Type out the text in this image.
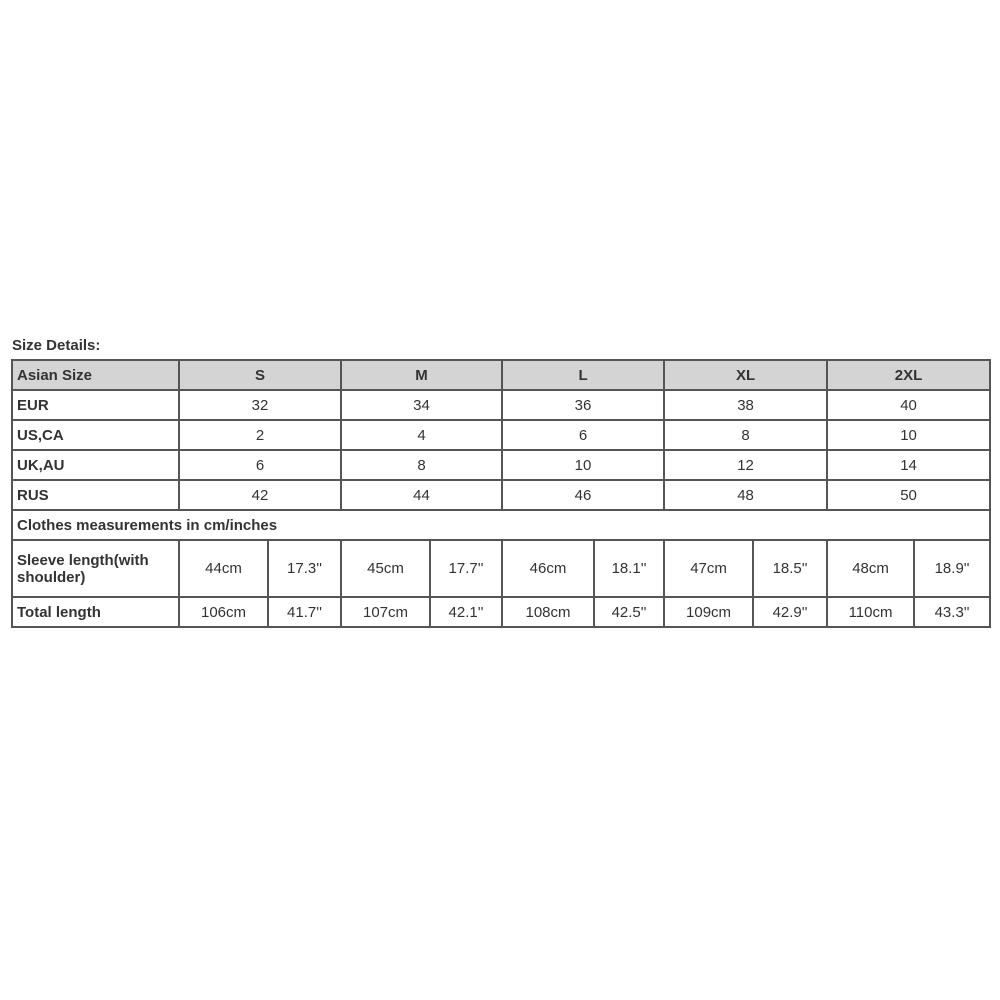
Size Details:
Asian Size	S		M		L		XL		2XL	
EUR	32		34		36		38		40	
US,CA	2		4		6		8		10	
UK,AU	6		8		10		12		14	
RUS	42		44		46		48		50	
Clothes measurements in cm/inches										
Sleeve length(with shoulder)	44cm	17.3''	45cm	17.7''	46cm	18.1''	47cm	18.5''	48cm	18.9''
Total length	106cm	41.7''	107cm	42.1''	108cm	42.5''	109cm	42.9''	110cm	43.3''
